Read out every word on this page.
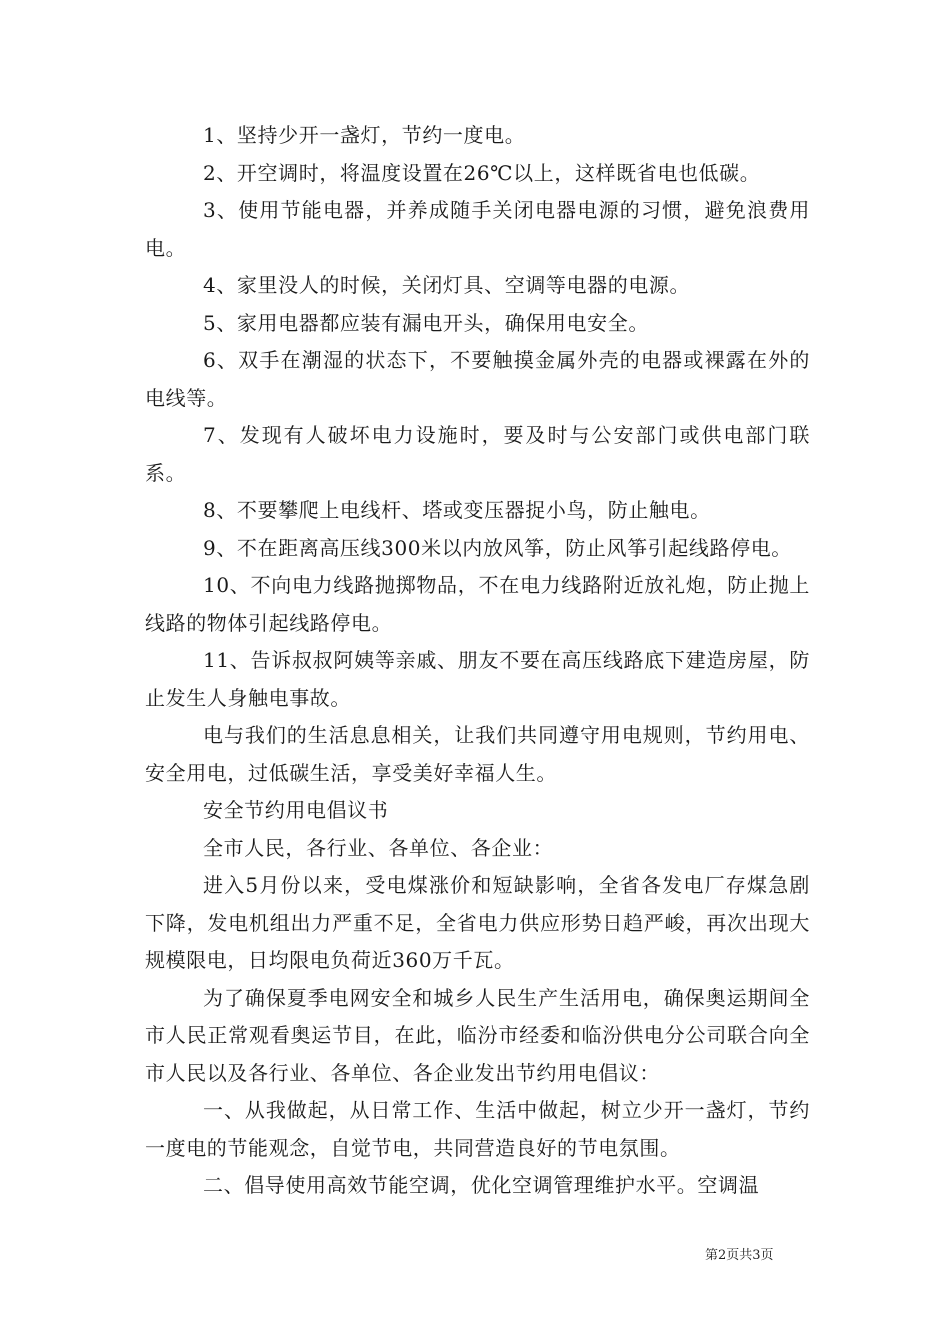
1、坚持少开一盏灯，节约一度电。

2、开空调时，将温度设置在26℃以上，这样既省电也低碳。

3、使用节能电器，并养成随手关闭电器电源的习惯，避免浪费用电。

4、家里没人的时候，关闭灯具、空调等电器的电源。

5、家用电器都应装有漏电开头，确保用电安全。

6、双手在潮湿的状态下，不要触摸金属外壳的电器或裸露在外的电线等。

7、发现有人破坏电力设施时，要及时与公安部门或供电部门联系。

8、不要攀爬上电线杆、塔或变压器捉小鸟，防止触电。

9、不在距离高压线300米以内放风筝，防止风筝引起线路停电。

10、不向电力线路抛掷物品，不在电力线路附近放礼炮，防止抛上线路的物体引起线路停电。

11、告诉叔叔阿姨等亲戚、朋友不要在高压线路底下建造房屋，防止发生人身触电事故。

电与我们的生活息息相关，让我们共同遵守用电规则，节约用电、安全用电，过低碳生活，享受美好幸福人生。

安全节约用电倡议书

全市人民，各行业、各单位、各企业：

进入5月份以来，受电煤涨价和短缺影响，全省各发电厂存煤急剧下降，发电机组出力严重不足，全省电力供应形势日趋严峻，再次出现大规模限电，日均限电负荷近360万千瓦。

为了确保夏季电网安全和城乡人民生产生活用电，确保奥运期间全市人民正常观看奥运节目，在此，临汾市经委和临汾供电分公司联合向全市人民以及各行业、各单位、各企业发出节约用电倡议：

一、从我做起，从日常工作、生活中做起，树立少开一盏灯，节约一度电的节能观念，自觉节电，共同营造良好的节电氛围。

二、倡导使用高效节能空调，优化空调管理维护水平。空调温

第2页共3页
